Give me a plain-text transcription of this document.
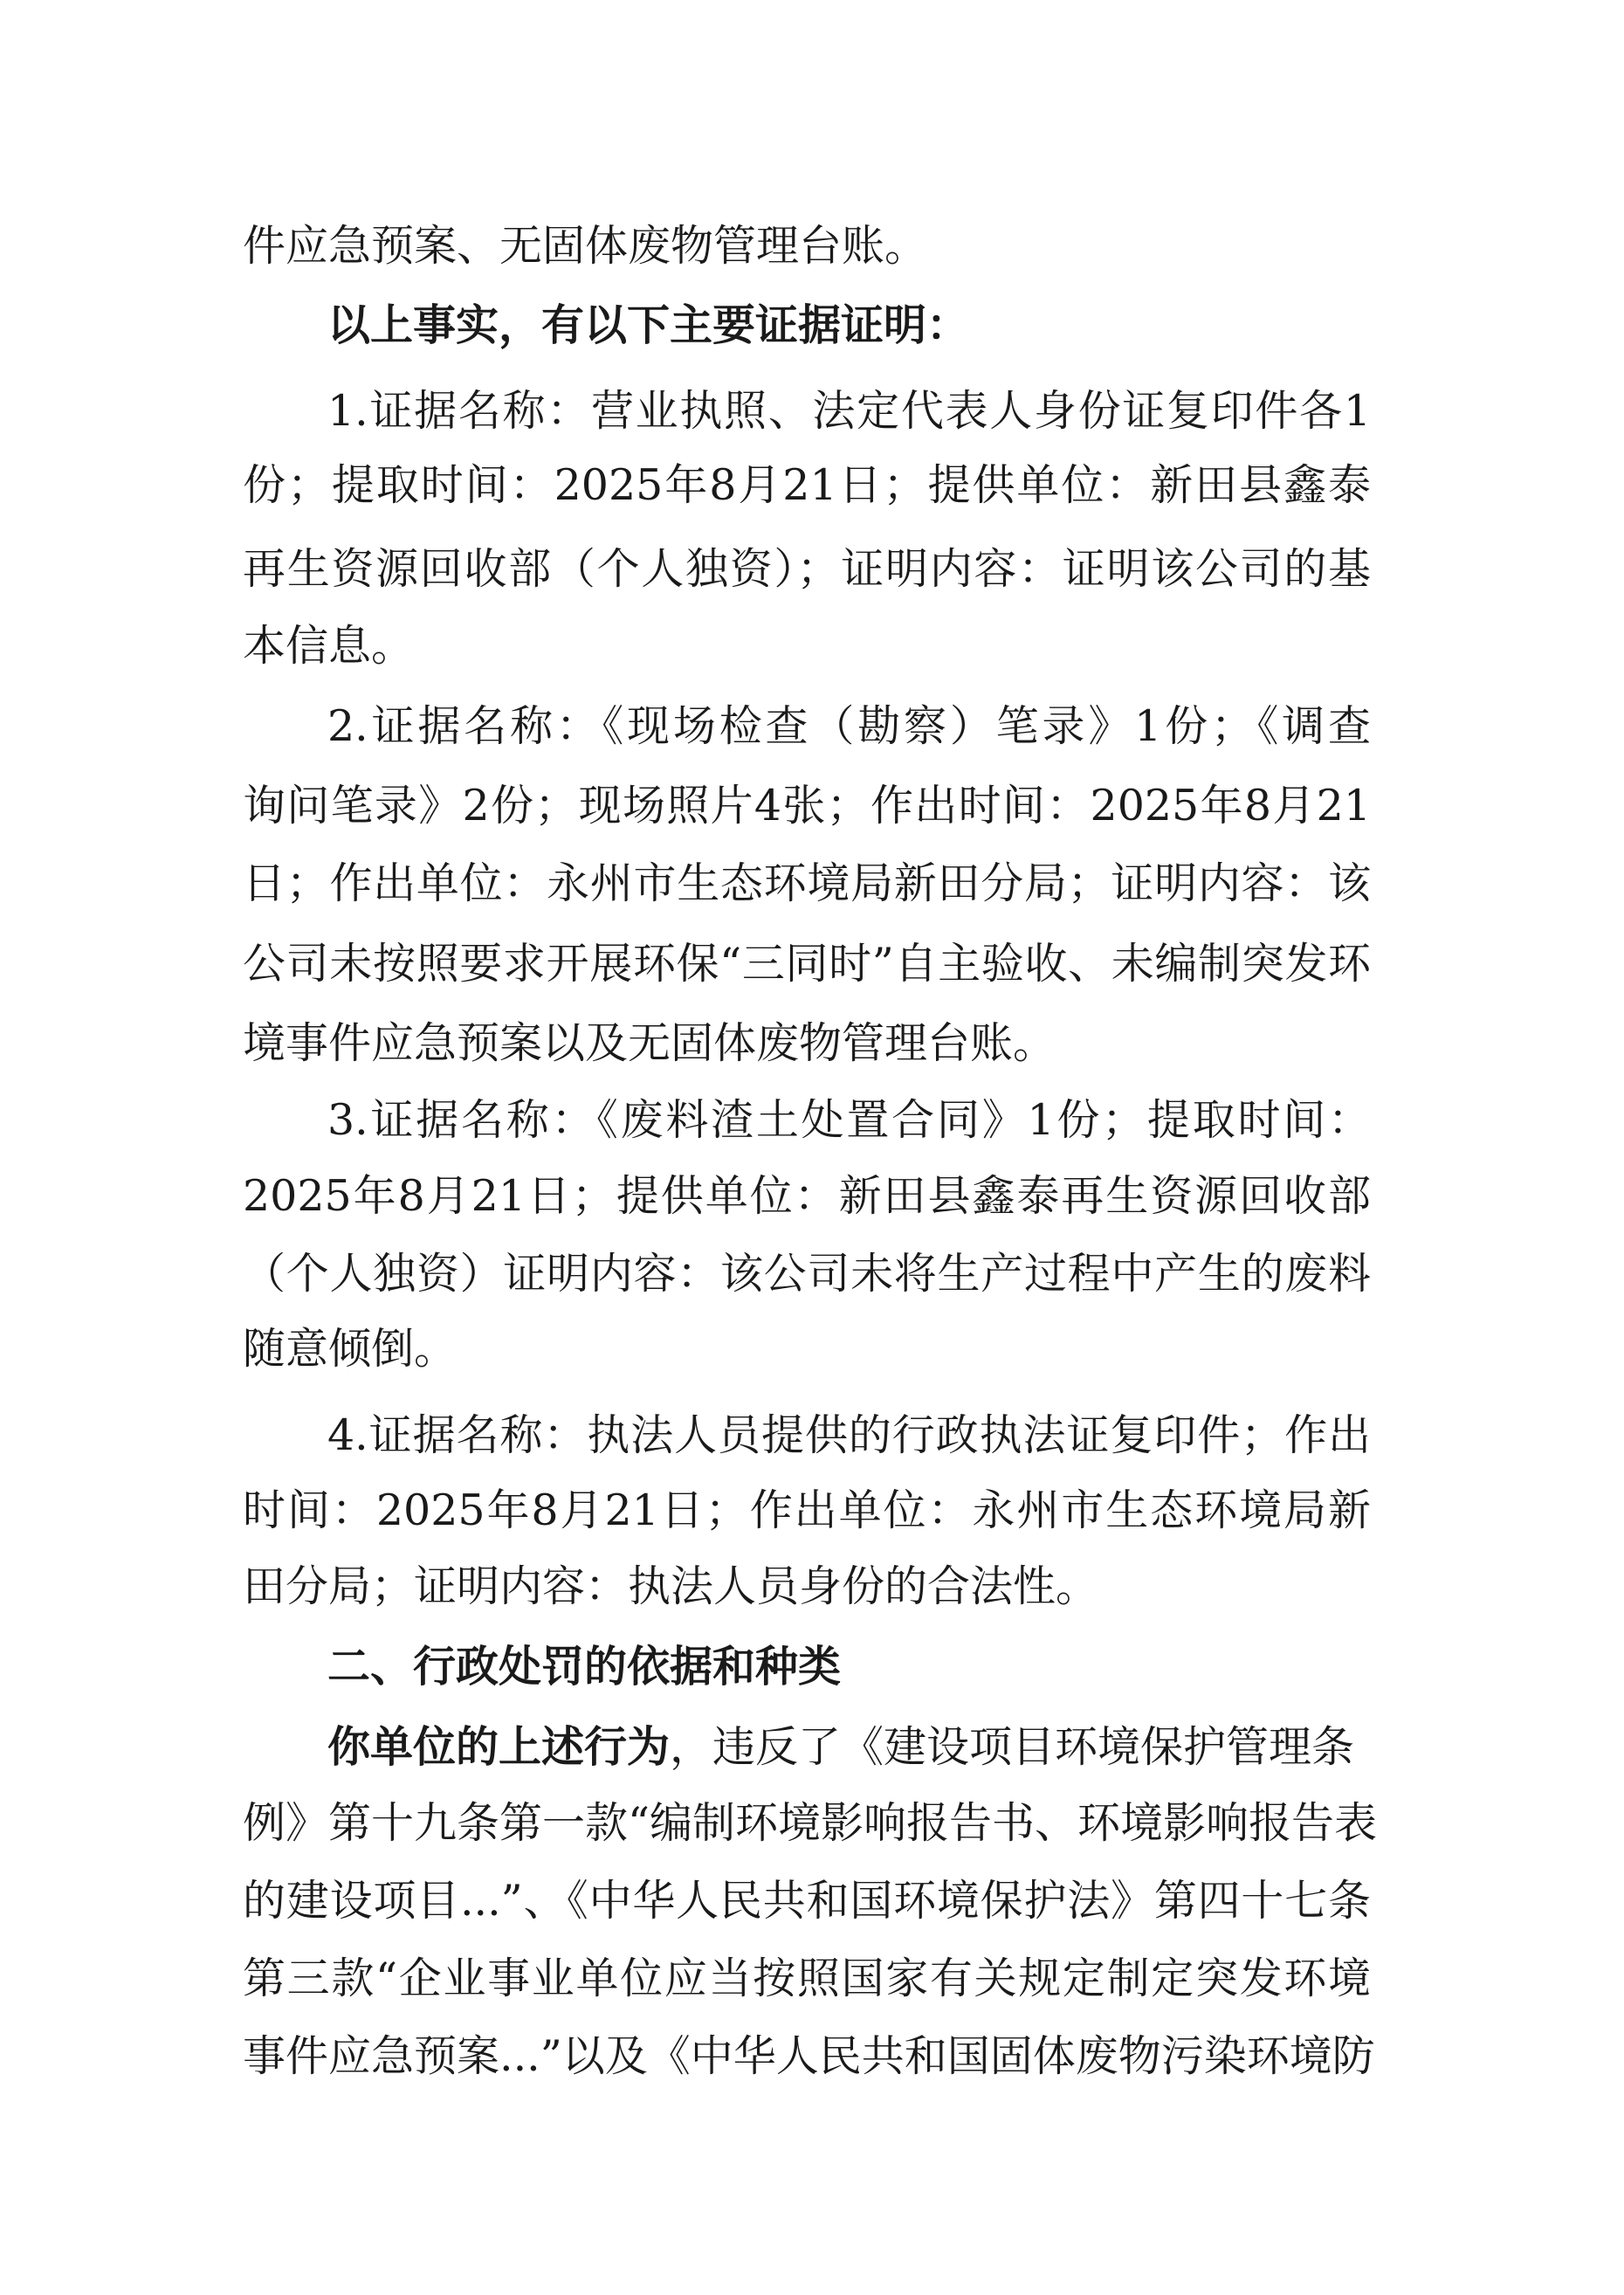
件应急预案、无固体废物管理台账。
以上事实，有以下主要证据证明：
1.证据名称：营业执照、法定代表人身份证复印件各1
份；提取时间：2025年8月21日；提供单位：新田县鑫泰
再生资源回收部（个人独资）；证明内容：证明该公司的基
本信息。
2.证据名称：《现场检查（勘察）笔录》1份；《调查
询问笔录》2份；现场照片4张；作出时间：2025年8月21
日；作出单位：永州市生态环境局新田分局；证明内容：该
公司未按照要求开展环保“三同时”自主验收、未编制突发环
境事件应急预案以及无固体废物管理台账。
3.证据名称：《废料渣土处置合同》1份；提取时间：
2025年8月21日；提供单位：新田县鑫泰再生资源回收部
（个人独资）证明内容：该公司未将生产过程中产生的废料
随意倾倒。
4.证据名称：执法人员提供的行政执法证复印件；作出
时间：2025年8月21日；作出单位：永州市生态环境局新
田分局；证明内容：执法人员身份的合法性。
二、行政处罚的依据和种类
你单位的上述行为，违反了《建设项目环境保护管理条
例》第十九条第一款“编制环境影响报告书、环境影响报告表
的建设项目...”、《中华人民共和国环境保护法》第四十七条
第三款“企业事业单位应当按照国家有关规定制定突发环境
事件应急预案...”以及《中华人民共和国固体废物污染环境防
